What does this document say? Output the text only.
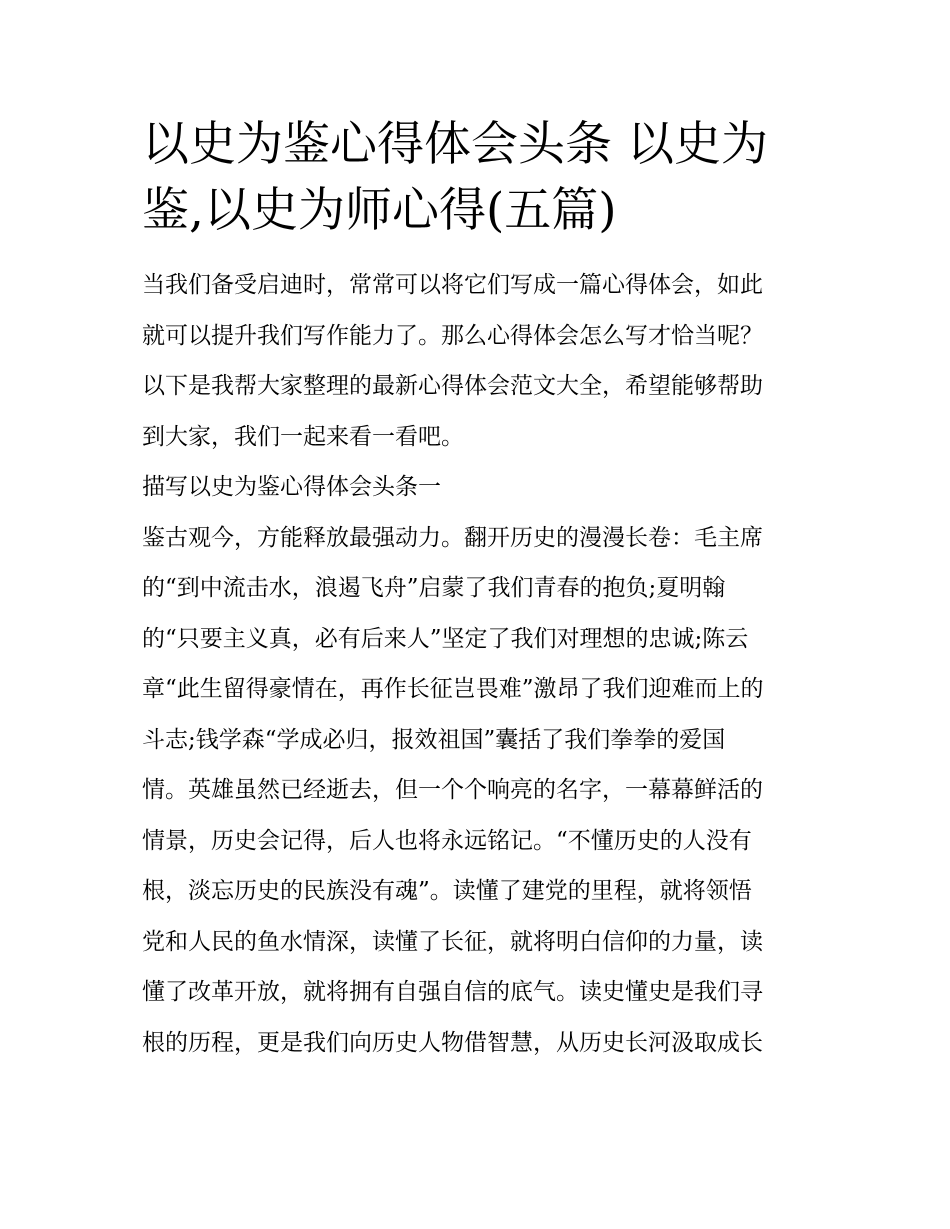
以史为鉴心得体会头条 以史为
鉴,以史为师心得(五篇)
当我们备受启迪时，常常可以将它们写成一篇心得体会，如此
就可以提升我们写作能力了。那么心得体会怎么写才恰当呢？
以下是我帮大家整理的最新心得体会范文大全，希望能够帮助
到大家，我们一起来看一看吧。
描写以史为鉴心得体会头条一
鉴古观今，方能释放最强动力。翻开历史的漫漫长卷：毛主席
的“到中流击水，浪遏飞舟”启蒙了我们青春的抱负;夏明翰
的“只要主义真，必有后来人”坚定了我们对理想的忠诚;陈云
章“此生留得豪情在，再作长征岂畏难”激昂了我们迎难而上的
斗志;钱学森“学成必归，报效祖国”囊括了我们拳拳的爱国
情。英雄虽然已经逝去，但一个个响亮的名字，一幕幕鲜活的
情景，历史会记得，后人也将永远铭记。“不懂历史的人没有
根，淡忘历史的民族没有魂”。读懂了建党的里程，就将领悟
党和人民的鱼水情深，读懂了长征，就将明白信仰的力量，读
懂了改革开放，就将拥有自强自信的底气。读史懂史是我们寻
根的历程，更是我们向历史人物借智慧，从历史长河汲取成长
